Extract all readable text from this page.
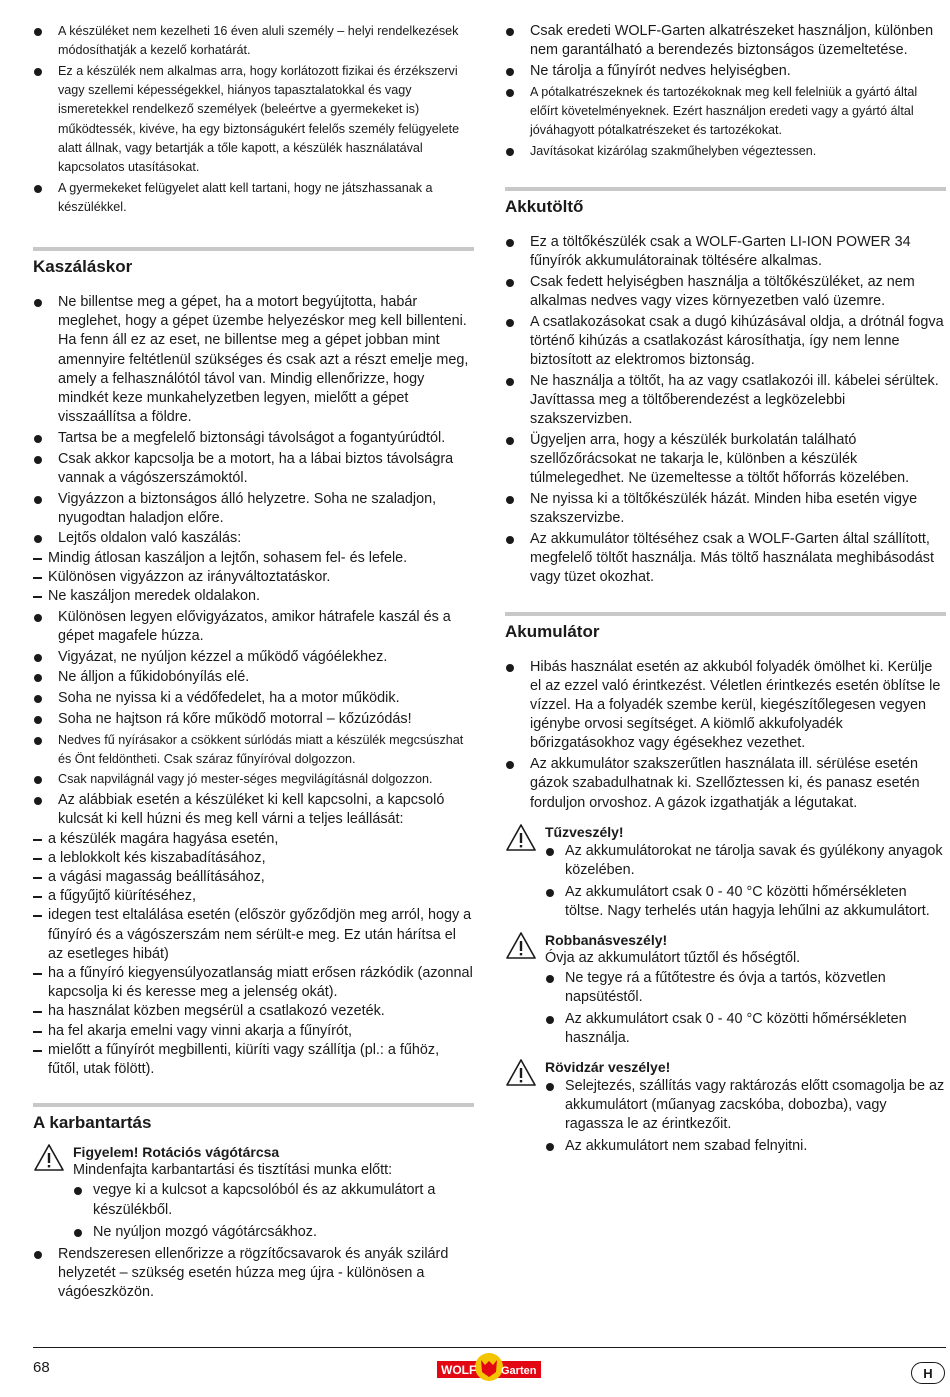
A készüléket nem kezelheti 16 éven aluli személy – helyi rendelkezések módosíthatják a kezelő korhatárát.
Ez a készülék nem alkalmas arra, hogy korlátozott fizikai és érzékszervi vagy szellemi képességekkel, hiányos tapasztalatokkal és vagy ismeretekkel rendelkező személyek (beleértve a gyermekeket is) működtessék, kivéve, ha egy biztonságukért felelős személy felügyelete alatt állnak, vagy betartják a tőle kapott, a készülék használatával kapcsolatos utasításokat.
A gyermekeket felügyelet alatt kell tartani, hogy ne játszhassanak a készülékkel.
Kaszáláskor
Ne billentse meg a gépet, ha a motort begyújtotta, habár meglehet, hogy a gépet üzembe helyezéskor meg kell billenteni. Ha fenn áll ez az eset, ne billentse meg a gépet jobban mint amennyire feltétlenül szükséges és csak azt a részt emelje meg, amely a felhasználótól távol van. Mindig ellenőrizze, hogy mindkét keze munkahelyzetben legyen, mielőtt a gépet visszaállítsa a földre.
Tartsa be a megfelelő biztonsági távolságot a fogantyúrúdtól.
Csak akkor kapcsolja be a motort, ha a lábai biztos távolságra vannak a vágószerszámoktól.
Vigyázzon a biztonságos álló helyzetre. Soha ne szaladjon, nyugodtan haladjon előre.
Lejtős oldalon való kaszálás:
Mindig átlosan kaszáljon a lejtőn, sohasem fel- és lefele.
Különösen vigyázzon az irányváltoztatáskor.
Ne kaszáljon meredek oldalakon.
Különösen legyen elővigyázatos, amikor hátrafele kaszál és a gépet magafele húzza.
Vigyázat, ne nyúljon kézzel a működő vágóélekhez.
Ne álljon a fűkidobónyílás elé.
Soha ne nyissa ki a védőfedelet, ha a motor működik.
Soha ne hajtson rá kőre működő motorral – kőzúzódás!
Nedves fű nyírásakor a csökkent súrlódás miatt a készülék megcsúszhat és Önt feldöntheti. Csak száraz fűnyíróval dolgozzon.
Csak napvilágnál vagy jó mester-séges megvilágításnál dolgozzon.
Az alábbiak esetén a készüléket ki kell kapcsolni, a kapcsoló kulcsát ki kell húzni és meg kell várni a teljes leállását:
a készülék magára hagyása esetén,
a leblokkolt kés kiszabadításához,
a vágási magasság beállításához,
a fűgyűjtő kiürítéséhez,
idegen test eltalálása esetén (először győződjön meg arról, hogy a fűnyíró és a vágószerszám nem sérült-e meg. Ez után hárítsa el az esetleges hibát)
ha a fűnyíró kiegyensúlyozatlanság miatt erősen rázkódik (azonnal kapcsolja ki és keresse meg a jelenség okát).
ha használat közben megsérül a csatlakozó vezeték.
ha fel akarja emelni vagy vinni akarja a fűnyírót,
mielőtt a fűnyírót megbillenti, kiüríti vagy szállítja (pl.: a fűhöz, fűtől, utak fölött).
A karbantartás
Figyelem! Rotációs vágótárcsa
Mindenfajta karbantartási és tisztítási munka előtt:
vegye ki a kulcsot a kapcsolóból és az akkumulátort a készülékből.
Ne nyúljon mozgó vágótárcsákhoz.
Rendszeresen ellenőrizze a rögzítőcsavarok és anyák szilárd helyzetét – szükség esetén húzza meg újra - különösen a vágóeszközön.
Csak eredeti WOLF-Garten alkatrészeket használjon, különben nem garantálható a berendezés biztonságos üzemeltetése.
Ne tárolja a fűnyírót nedves helyiségben.
A pótalkatrészeknek és tartozékoknak meg kell felelniük a gyártó által előírt követelményeknek. Ezért használjon eredeti vagy a gyártó által jóváhagyott pótalkatrészeket és tartozékokat.
Javításokat kizárólag szakműhelyben végeztessen.
Akkutöltő
Ez a töltőkészülék csak a WOLF-Garten LI-ION POWER 34 fűnyírók akkumulátorainak töltésére alkalmas.
Csak fedett helyiségben használja a töltőkészüléket, az nem alkalmas nedves vagy vizes környezetben való üzemre.
A csatlakozásokat csak a dugó kihúzásával oldja, a drótnál fogva történő kihúzás a csatlakozást károsíthatja, így nem lenne biztosított az elektromos biztonság.
Ne használja a töltőt, ha az vagy csatlakozói ill. kábelei sérültek. Javíttassa meg a töltőberendezést a legközelebbi szakszervizben.
Ügyeljen arra, hogy a készülék burkolatán található szellőzőrácsokat ne takarja le, különben a készülék túlmelegedhet. Ne üzemeltesse a töltőt hőforrás közelében.
Ne nyissa ki a töltőkészülék házát. Minden hiba esetén vigye szakszervizbe.
Az akkumulátor töltéséhez csak a WOLF-Garten által szállított, megfelelő töltőt használja. Más töltő használata meghibásodást vagy tüzet okozhat.
Akumulátor
Hibás használat esetén az akkuból folyadék ömölhet ki. Kerülje el az ezzel való érintkezést. Véletlen érintkezés esetén öblítse le vízzel. Ha a folyadék szembe kerül, kiegészítőlegesen vegyen igénybe orvosi segítséget. A kiömlő akkufolyadék bőrizgatásokhoz vagy égésekhez vezethet.
Az akkumulátor szakszerűtlen használata ill. sérülése esetén gázok szabadulhatnak ki. Szellőztessen ki, és panasz esetén forduljon orvoshoz. A gázok izgathatják a légutakat.
Tűzveszély!
Az akkumulátorokat ne tárolja savak és gyúlékony anyagok közelében.
Az akkumulátort csak 0 - 40 °C közötti hőmérsékleten töltse. Nagy terhelés után hagyja lehűlni az akkumulátort.
Robbanásveszély!
Óvja az akkumulátort tűztől és hőségtől.
Ne tegye rá a fűtőtestre és óvja a tartós, közvetlen napsütéstől.
Az akkumulátort csak 0 - 40 °C közötti hőmérsékleten használja.
Rövidzár veszélye!
Selejtezés, szállítás vagy raktározás előtt csomagolja be az akkumulátort (műanyag zacskóba, dobozba), vagy ragassza le az érintkezőit.
Az akkumulátort nem szabad felnyitni.
68	WOLF Garten	H
